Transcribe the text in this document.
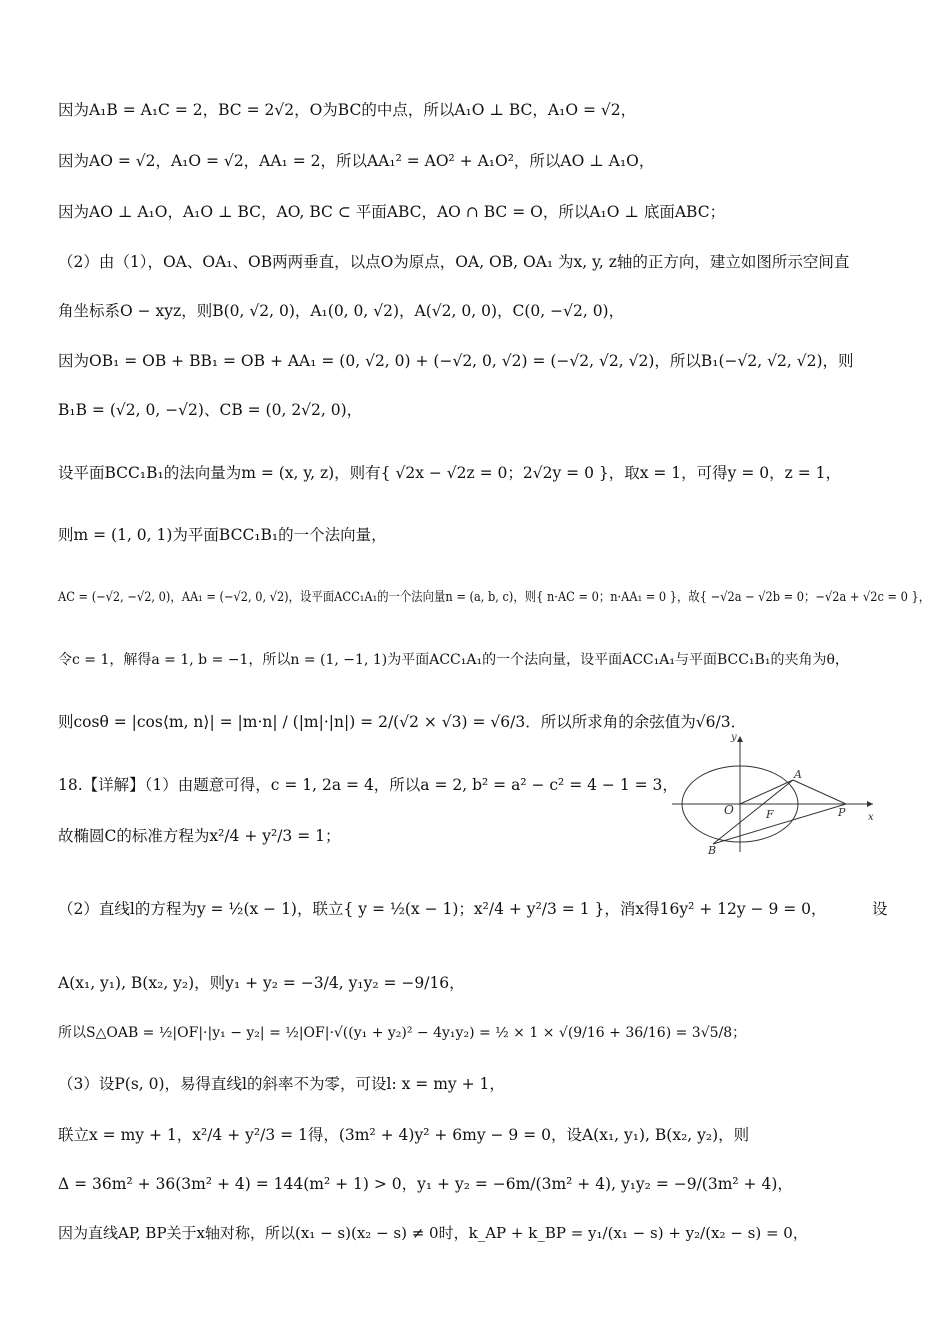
因为A₁B = A₁C = 2，BC = 2√2，O为BC的中点，所以A₁O ⊥ BC，A₁O = √2，
因为AO = √2，A₁O = √2，AA₁ = 2，所以AA₁² = AO² + A₁O²，所以AO ⊥ A₁O，
因为AO ⊥ A₁O，A₁O ⊥ BC，AO, BC ⊂ 平面ABC，AO ∩ BC = O，所以A₁O ⊥ 底面ABC；
（2）由（1），OA、OA₁、OB两两垂直，以点O为原点，OA, OB, OA₁ 为x, y, z轴的正方向，建立如图所示空间直
角坐标系O − xyz，则B(0, √2, 0)，A₁(0, 0, √2)，A(√2, 0, 0)，C(0, −√2, 0)，
因为OB₁ = OB + BB₁ = OB + AA₁ = (0, √2, 0) + (−√2, 0, √2) = (−√2, √2, √2)，所以B₁(−√2, √2, √2)，则
B₁B = (√2, 0, −√2)、CB = (0, 2√2, 0)，
设平面BCC₁B₁的法向量为m = (x, y, z)，则有{ √2x − √2z = 0；2√2y = 0 }，取x = 1，可得y = 0，z = 1，
则m = (1, 0, 1)为平面BCC₁B₁的一个法向量，
AC = (−√2, −√2, 0)，AA₁ = (−√2, 0, √2)，设平面ACC₁A₁的一个法向量n = (a, b, c)，则{ n·AC = 0；n·AA₁ = 0 }，故{ −√2a − √2b = 0；−√2a + √2c = 0 }，
令c = 1，解得a = 1, b = −1，所以n = (1, −1, 1)为平面ACC₁A₁的一个法向量，设平面ACC₁A₁与平面BCC₁B₁的夹角为θ，
则cosθ = |cos⟨m, n⟩| = |m·n| / (|m|·|n|) = 2/(√2 × √3) = √6/3．所以所求角的余弦值为√6/3．
18.【详解】（1）由题意可得，c = 1, 2a = 4，所以a = 2, b² = a² − c² = 4 − 1 = 3，
故椭圆C的标准方程为x²/4 + y²/3 = 1；
（2）直线l的方程为y = ½(x − 1)，联立{ y = ½(x − 1)；x²/4 + y²/3 = 1 }，消x得16y² + 12y − 9 = 0，	设
A(x₁, y₁), B(x₂, y₂)，则y₁ + y₂ = −3/4, y₁y₂ = −9/16，
所以S△OAB = ½|OF|·|y₁ − y₂| = ½|OF|·√((y₁ + y₂)² − 4y₁y₂) = ½ × 1 × √(9/16 + 36/16) = 3√5/8；
（3）设P(s, 0)，易得直线l的斜率不为零，可设l: x = my + 1，
联立x = my + 1，x²/4 + y²/3 = 1得，(3m² + 4)y² + 6my − 9 = 0，设A(x₁, y₁), B(x₂, y₂)，则
Δ = 36m² + 36(3m² + 4) = 144(m² + 1) > 0，y₁ + y₂ = −6m/(3m² + 4), y₁y₂ = −9/(3m² + 4)，
因为直线AP, BP关于x轴对称，所以(x₁ − s)(x₂ − s) ≠ 0时，k_AP + k_BP = y₁/(x₁ − s) + y₂/(x₂ − s) = 0，
y
x
O
A
F	P
B
